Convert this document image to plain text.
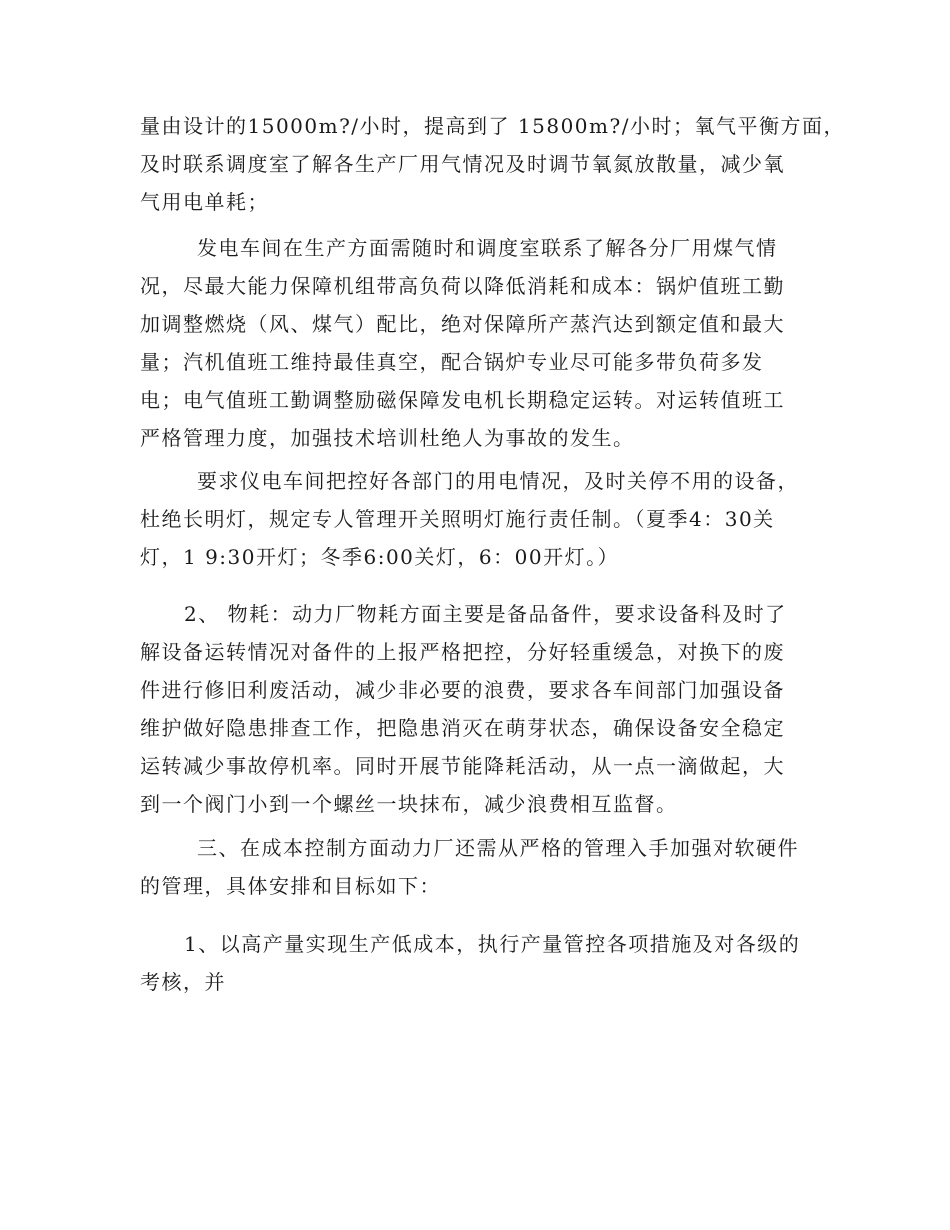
量由设计的15000m?/小时，提高到了 15800m?/小时；氧气平衡方面，
及时联系调度室了解各生产厂用气情况及时调节氧氮放散量，减少氧
气用电单耗；
发电车间在生产方面需随时和调度室联系了解各分厂用煤气情
况，尽最大能力保障机组带高负荷以降低消耗和成本：锅炉值班工勤
加调整燃烧（风、煤气）配比，绝对保障所产蒸汽达到额定值和最大
量；汽机值班工维持最佳真空，配合锅炉专业尽可能多带负荷多发
电；电气值班工勤调整励磁保障发电机长期稳定运转。对运转值班工
严格管理力度，加强技术培训杜绝人为事故的发生。
要求仪电车间把控好各部门的用电情况，及时关停不用的设备，
杜绝长明灯，规定专人管理开关照明灯施行责任制。（夏季4：30关
灯，1 9:30开灯；冬季6:00关灯，6：00开灯。）
2、 物耗：动力厂物耗方面主要是备品备件，要求设备科及时了
解设备运转情况对备件的上报严格把控，分好轻重缓急，对换下的废
件进行修旧利废活动，减少非必要的浪费，要求各车间部门加强设备
维护做好隐患排查工作，把隐患消灭在萌芽状态，确保设备安全稳定
运转减少事故停机率。同时开展节能降耗活动，从一点一滴做起，大
到一个阀门小到一个螺丝一块抹布，减少浪费相互监督。
三、在成本控制方面动力厂还需从严格的管理入手加强对软硬件
的管理，具体安排和目标如下：
1、以高产量实现生产低成本，执行产量管控各项措施及对各级的
考核，并
